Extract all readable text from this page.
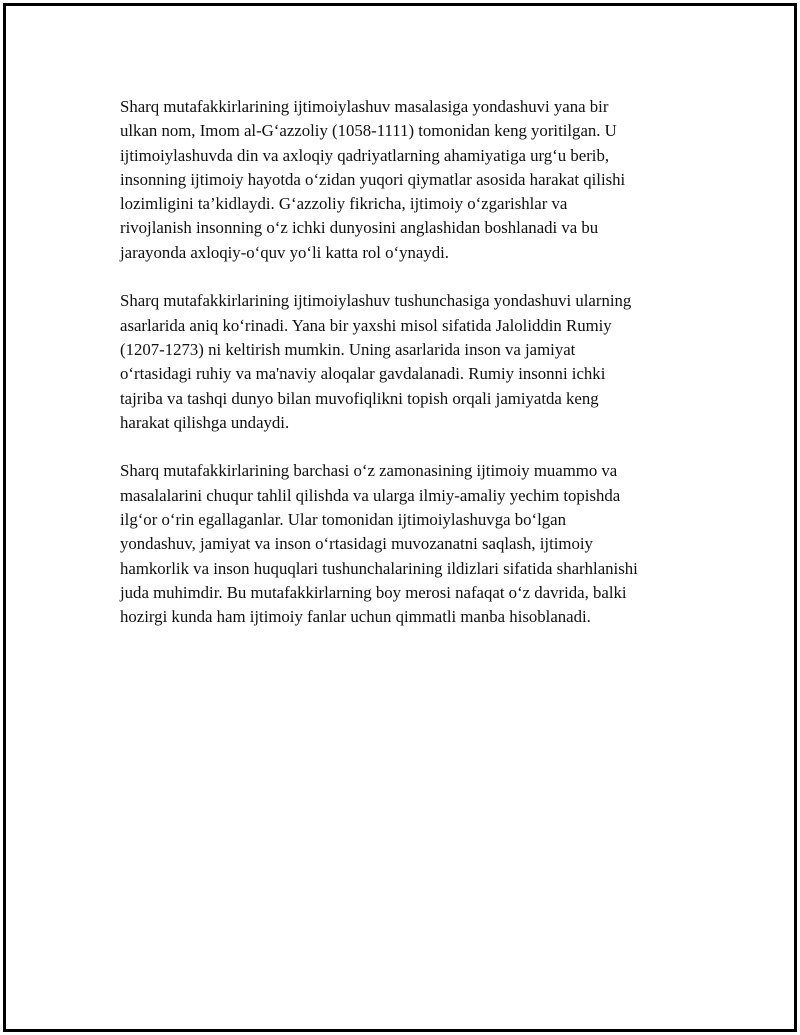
Sharq mutafakkirlarining ijtimoiylashuv masalasiga yondashuvi yana bir
ulkan nom, Imom al-G‘azzoliy (1058-1111) tomonidan keng yoritilgan. U
ijtimoiylashuvda din va axloqiy qadriyatlarning ahamiyatiga urg‘u berib,
insonning ijtimoiy hayotda o‘zidan yuqori qiymatlar asosida harakat qilishi
lozimligini ta’kidlaydi. G‘azzoliy fikricha, ijtimoiy o‘zgarishlar va
rivojlanish insonning o‘z ichki dunyosini anglashidan boshlanadi va bu
jarayonda axloqiy-o‘quv yo‘li katta rol o‘ynaydi.

Sharq mutafakkirlarining ijtimoiylashuv tushunchasiga yondashuvi ularning
asarlarida aniq ko‘rinadi. Yana bir yaxshi misol sifatida Jaloliddin Rumiy
(1207-1273) ni keltirish mumkin. Uning asarlarida inson va jamiyat
o‘rtasidagi ruhiy va ma'naviy aloqalar gavdalanadi. Rumiy insonni ichki
tajriba va tashqi dunyo bilan muvofiqlikni topish orqali jamiyatda keng
harakat qilishga undaydi.

Sharq mutafakkirlarining barchasi o‘z zamonasining ijtimoiy muammo va
masalalarini chuqur tahlil qilishda va ularga ilmiy-amaliy yechim topishda
ilg‘or o‘rin egallaganlar. Ular tomonidan ijtimoiylashuvga bo‘lgan
yondashuv, jamiyat va inson o‘rtasidagi muvozanatni saqlash, ijtimoiy
hamkorlik va inson huquqlari tushunchalarining ildizlari sifatida sharhlanishi
juda muhimdir. Bu mutafakkirlarning boy merosi nafaqat o‘z davrida, balki
hozirgi kunda ham ijtimoiy fanlar uchun qimmatli manba hisoblanadi.
